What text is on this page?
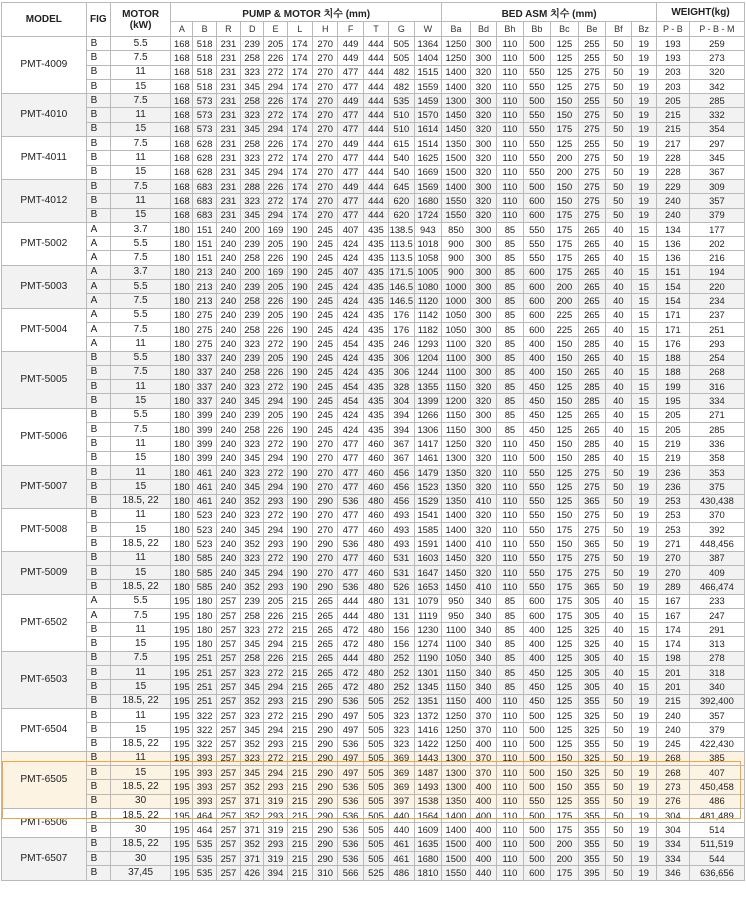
MODEL	FIG	MOTOR
(kW)	PUMP & MOTOR 치수 (mm)											BED ASM 치수 (mm)								WEIGHT(kg)	
			A	B	R	D	E	L	H	F	T	G	W	Ba	Bd	Bh	Bb	Bc	Be	Bf	Bz	P - B	P - B - M
PMT-4009	B	5.5	168	518	231	239	205	174	270	449	444	505	1364	1250	300	110	500	125	255	50	19	193	259
	B	7.5	168	518	231	258	226	174	270	449	444	505	1404	1250	300	110	500	125	255	50	19	193	273
	B	11	168	518	231	323	272	174	270	477	444	482	1515	1400	320	110	550	125	275	50	19	203	320
	B	15	168	518	231	345	294	174	270	477	444	482	1559	1400	320	110	550	125	275	50	19	203	342
PMT-4010	B	7.5	168	573	231	258	226	174	270	449	444	535	1459	1300	300	110	500	150	255	50	19	205	285
	B	11	168	573	231	323	272	174	270	477	444	510	1570	1450	320	110	550	150	275	50	19	215	332
	B	15	168	573	231	345	294	174	270	477	444	510	1614	1450	320	110	550	175	275	50	19	215	354
PMT-4011	B	7.5	168	628	231	258	226	174	270	449	444	615	1514	1350	300	110	550	125	255	50	19	217	297
	B	11	168	628	231	323	272	174	270	477	444	540	1625	1500	320	110	550	200	275	50	19	228	345
	B	15	168	628	231	345	294	174	270	477	444	540	1669	1500	320	110	550	200	275	50	19	228	367
PMT-4012	B	7.5	168	683	231	288	226	174	270	449	444	645	1569	1400	300	110	500	150	275	50	19	229	309
	B	11	168	683	231	323	272	174	270	477	444	620	1680	1550	320	110	600	150	275	50	19	240	357
	B	15	168	683	231	345	294	174	270	477	444	620	1724	1550	320	110	600	175	275	50	19	240	379
PMT-5002	A	3.7	180	151	240	200	169	190	245	407	435	138.5	943	850	300	85	550	175	265	40	15	134	177
	A	5.5	180	151	240	239	205	190	245	424	435	113.5	1018	900	300	85	550	175	265	40	15	136	202
	A	7.5	180	151	240	258	226	190	245	424	435	113.5	1058	900	300	85	550	175	265	40	15	136	216
PMT-5003	A	3.7	180	213	240	200	169	190	245	407	435	171.5	1005	900	300	85	600	175	265	40	15	151	194
	A	5.5	180	213	240	239	205	190	245	424	435	146.5	1080	1000	300	85	600	200	265	40	15	154	220
	A	7.5	180	213	240	258	226	190	245	424	435	146.5	1120	1000	300	85	600	200	265	40	15	154	234
PMT-5004	A	5.5	180	275	240	239	205	190	245	424	435	176	1142	1050	300	85	600	225	265	40	15	171	237
	A	7.5	180	275	240	258	226	190	245	424	435	176	1182	1050	300	85	600	225	265	40	15	171	251
	A	11	180	275	240	323	272	190	245	454	435	246	1293	1100	320	85	400	150	285	40	15	176	293
PMT-5005	B	5.5	180	337	240	239	205	190	245	424	435	306	1204	1100	300	85	400	150	265	40	15	188	254
	B	7.5	180	337	240	258	226	190	245	424	435	306	1244	1100	300	85	400	150	265	40	15	188	268
	B	11	180	337	240	323	272	190	245	454	435	328	1355	1150	320	85	450	125	285	40	15	199	316
	B	15	180	337	240	345	294	190	245	454	435	304	1399	1200	320	85	450	150	285	40	15	195	334
PMT-5006	B	5.5	180	399	240	239	205	190	245	424	435	394	1266	1150	300	85	450	125	265	40	15	205	271
	B	7.5	180	399	240	258	226	190	245	424	435	394	1306	1150	300	85	450	125	265	40	15	205	285
	B	11	180	399	240	323	272	190	270	477	460	367	1417	1250	320	110	450	150	285	40	15	219	336
	B	15	180	399	240	345	294	190	270	477	460	367	1461	1300	320	110	500	150	285	40	15	219	358
PMT-5007	B	11	180	461	240	323	272	190	270	477	460	456	1479	1350	320	110	550	125	275	50	19	236	353
	B	15	180	461	240	345	294	190	270	477	460	456	1523	1350	320	110	550	125	275	50	19	236	375
	B	18.5, 22	180	461	240	352	293	190	290	536	480	456	1529	1350	410	110	550	125	365	50	19	253	430,438
PMT-5008	B	11	180	523	240	323	272	190	270	477	460	493	1541	1400	320	110	550	150	275	50	19	253	370
	B	15	180	523	240	345	294	190	270	477	460	493	1585	1400	320	110	550	175	275	50	19	253	392
	B	18.5, 22	180	523	240	352	293	190	290	536	480	493	1591	1400	410	110	550	150	365	50	19	271	448,456
PMT-5009	B	11	180	585	240	323	272	190	270	477	460	531	1603	1450	320	110	550	175	275	50	19	270	387
	B	15	180	585	240	345	294	190	270	477	460	531	1647	1450	320	110	550	175	275	50	19	270	409
	B	18.5, 22	180	585	240	352	293	190	290	536	480	526	1653	1450	410	110	550	175	365	50	19	289	466,474
PMT-6502	A	5.5	195	180	257	239	205	215	265	444	480	131	1079	950	340	85	600	175	305	40	15	167	233
	A	7.5	195	180	257	258	226	215	265	444	480	131	1119	950	340	85	600	175	305	40	15	167	247
	B	11	195	180	257	323	272	215	265	472	480	156	1230	1100	340	85	400	125	325	40	15	174	291
	B	15	195	180	257	345	294	215	265	472	480	156	1274	1100	340	85	400	125	325	40	15	174	313
PMT-6503	B	7.5	195	251	257	258	226	215	265	444	480	252	1190	1050	340	85	400	125	305	40	15	198	278
	B	11	195	251	257	323	272	215	265	472	480	252	1301	1150	340	85	450	125	305	40	15	201	318
	B	15	195	251	257	345	294	215	265	472	480	252	1345	1150	340	85	450	125	305	40	15	201	340
	B	18.5, 22	195	251	257	352	293	215	290	536	505	252	1351	1150	400	110	450	125	355	50	19	215	392,400
PMT-6504	B	11	195	322	257	323	272	215	290	497	505	323	1372	1250	370	110	500	125	325	50	19	240	357
	B	15	195	322	257	345	294	215	290	497	505	323	1416	1250	370	110	500	125	325	50	19	240	379
	B	18.5, 22	195	322	257	352	293	215	290	536	505	323	1422	1250	400	110	500	125	355	50	19	245	422,430
PMT-6505	B	11	195	393	257	323	272	215	290	497	505	369	1443	1300	370	110	500	150	325	50	19	268	385
	B	15	195	393	257	345	294	215	290	497	505	369	1487	1300	370	110	500	150	325	50	19	268	407
	B	18.5, 22	195	393	257	352	293	215	290	536	505	369	1493	1300	400	110	500	150	355	50	19	273	450,458
	B	30	195	393	257	371	319	215	290	536	505	397	1538	1350	400	110	550	125	355	50	19	276	486
PMT-6506	B	18.5, 22	195	464	257	352	293	215	290	536	505	440	1564	1400	400	110	500	175	355	50	19	304	481,489
	B	30	195	464	257	371	319	215	290	536	505	440	1609	1400	400	110	500	175	355	50	19	304	514
PMT-6507	B	18.5, 22	195	535	257	352	293	215	290	536	505	461	1635	1500	400	110	500	200	355	50	19	334	511,519
	B	30	195	535	257	371	319	215	290	536	505	461	1680	1500	400	110	500	200	355	50	19	334	544
	B	37,45	195	535	257	426	394	215	310	566	525	486	1810	1550	440	110	600	175	395	50	19	346	636,656
